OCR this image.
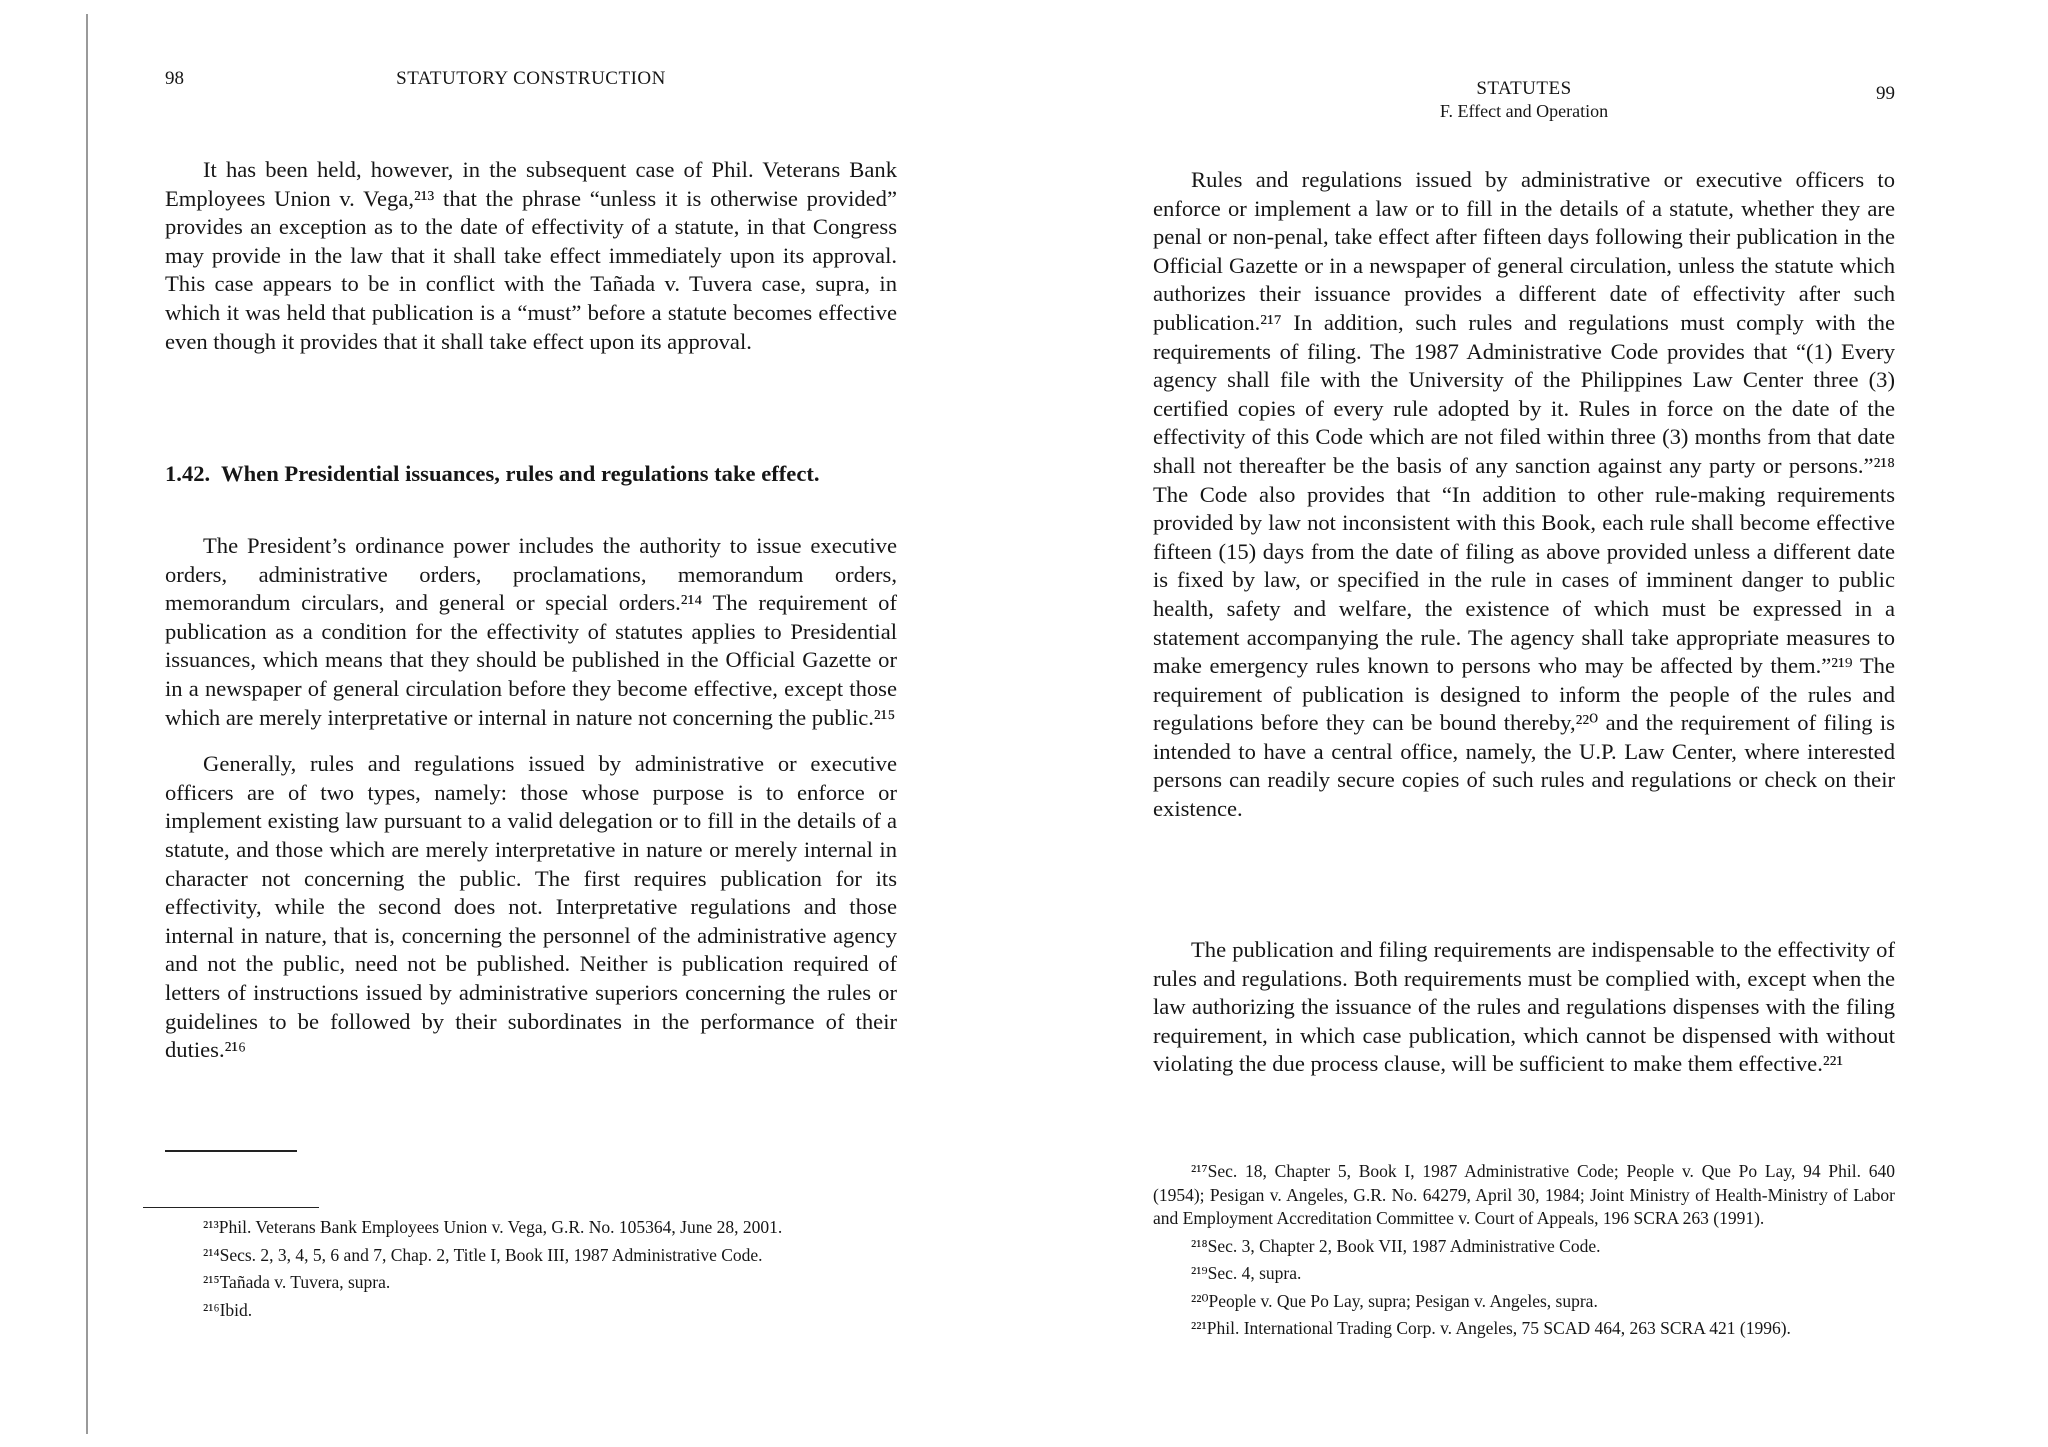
98	STATUTORY CONSTRUCTION

It has been held, however, in the subsequent case of Phil. Veterans Bank Employees Union v. Vega,²¹³ that the phrase “unless it is otherwise provided” provides an exception as to the date of effectivity of a statute, in that Congress may provide in the law that it shall take effect immediately upon its approval. This case appears to be in conflict with the Tañada v. Tuvera case, supra, in which it was held that publication is a “must” before a statute becomes effective even though it provides that it shall take effect upon its approval.

1.42. When Presidential issuances, rules and regulations take effect.

The President’s ordinance power includes the authority to issue executive orders, administrative orders, proclamations, memorandum orders, memorandum circulars, and general or special orders.²¹⁴ The requirement of publication as a condition for the effectivity of statutes applies to Presidential issuances, which means that they should be published in the Official Gazette or in a newspaper of general circulation before they become effective, except those which are merely interpretative or internal in nature not concerning the public.²¹⁵

Generally, rules and regulations issued by administrative or executive officers are of two types, namely: those whose purpose is to enforce or implement existing law pursuant to a valid delegation or to fill in the details of a statute, and those which are merely interpretative in nature or merely internal in character not concerning the public. The first requires publication for its effectivity, while the second does not. Interpretative regulations and those internal in nature, that is, concerning the personnel of the administrative agency and not the public, need not be published. Neither is publication required of letters of instructions issued by administrative superiors concerning the rules or guidelines to be followed by their subordinates in the performance of their duties.²¹⁶

²¹³Phil. Veterans Bank Employees Union v. Vega, G.R. No. 105364, June 28, 2001.

²¹⁴Secs. 2, 3, 4, 5, 6 and 7, Chap. 2, Title I, Book III, 1987 Administrative Code.

²¹⁵Tañada v. Tuvera, supra.

²¹⁶Ibid.

STATUTES
F. Effect and Operation
99

Rules and regulations issued by administrative or executive officers to enforce or implement a law or to fill in the details of a statute, whether they are penal or non-penal, take effect after fifteen days following their publication in the Official Gazette or in a newspaper of general circulation, unless the statute which authorizes their issuance provides a different date of effectivity after such publication.²¹⁷ In addition, such rules and regulations must comply with the requirements of filing. The 1987 Administrative Code provides that “(1) Every agency shall file with the University of the Philippines Law Center three (3) certified copies of every rule adopted by it. Rules in force on the date of the effectivity of this Code which are not filed within three (3) months from that date shall not thereafter be the basis of any sanction against any party or persons.”²¹⁸ The Code also provides that “In addition to other rule-making requirements provided by law not inconsistent with this Book, each rule shall become effective fifteen (15) days from the date of filing as above provided unless a different date is fixed by law, or specified in the rule in cases of imminent danger to public health, safety and welfare, the existence of which must be expressed in a statement accompanying the rule. The agency shall take appropriate measures to make emergency rules known to persons who may be affected by them.”²¹⁹ The requirement of publication is designed to inform the people of the rules and regulations before they can be bound thereby,²²⁰ and the requirement of filing is intended to have a central office, namely, the U.P. Law Center, where interested persons can readily secure copies of such rules and regulations or check on their existence.

The publication and filing requirements are indispensable to the effectivity of rules and regulations. Both requirements must be complied with, except when the law authorizing the issuance of the rules and regulations dispenses with the filing requirement, in which case publication, which cannot be dispensed with without violating the due process clause, will be sufficient to make them effective.²²¹

²¹⁷Sec. 18, Chapter 5, Book I, 1987 Administrative Code; People v. Que Po Lay, 94 Phil. 640 (1954); Pesigan v. Angeles, G.R. No. 64279, April 30, 1984; Joint Ministry of Health-Ministry of Labor and Employment Accreditation Committee v. Court of Appeals, 196 SCRA 263 (1991).

²¹⁸Sec. 3, Chapter 2, Book VII, 1987 Administrative Code.

²¹⁹Sec. 4, supra.

²²⁰People v. Que Po Lay, supra; Pesigan v. Angeles, supra.

²²¹Phil. International Trading Corp. v. Angeles, 75 SCAD 464, 263 SCRA 421 (1996).
